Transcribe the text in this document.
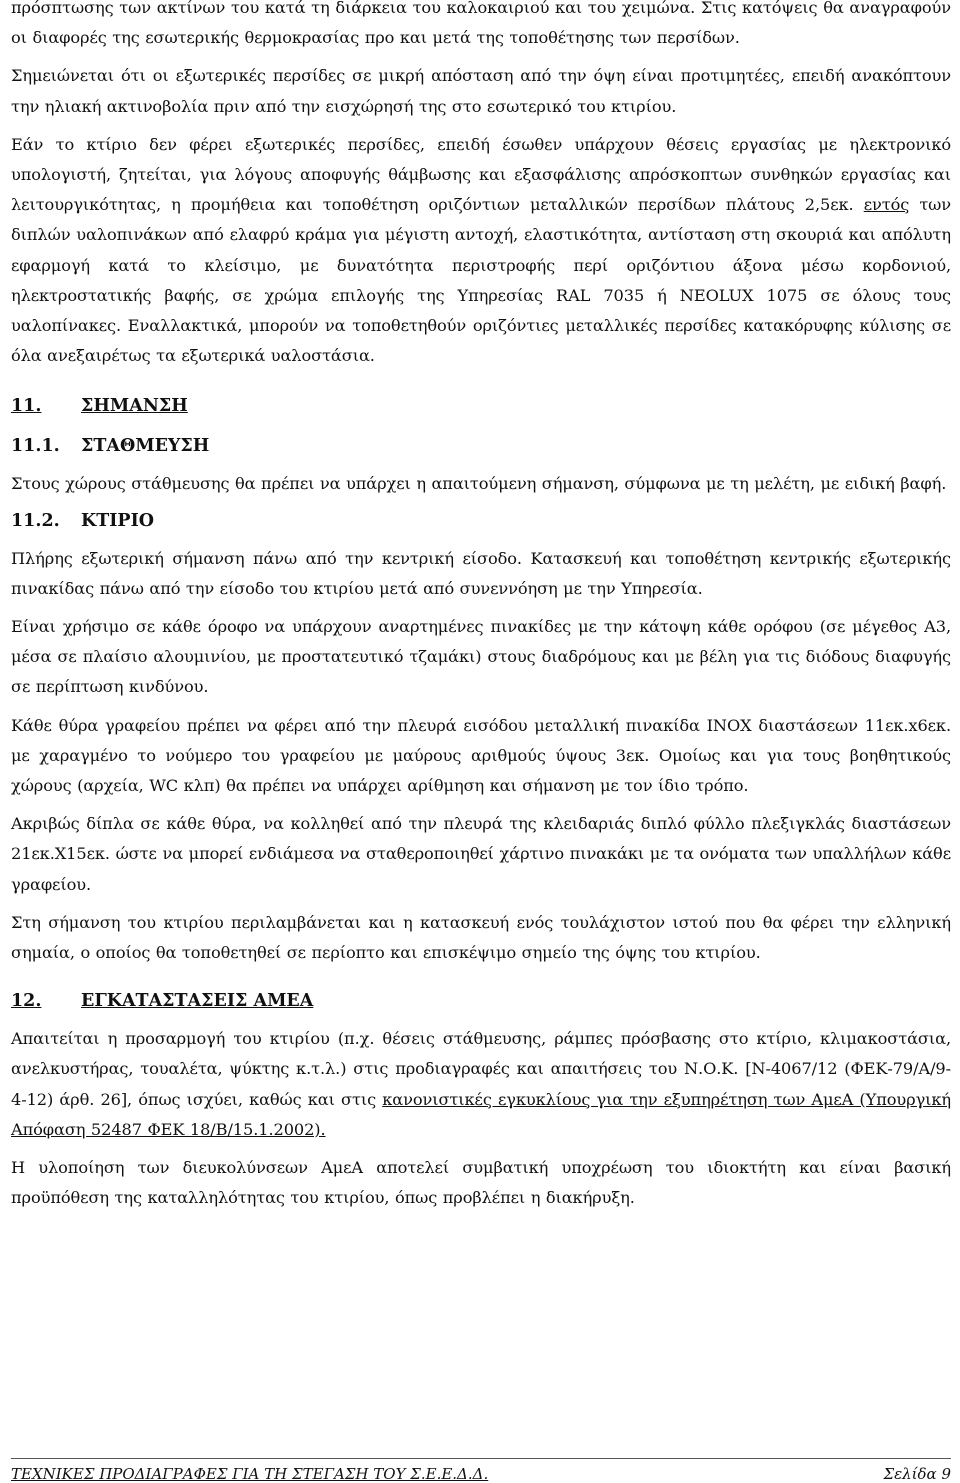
πρόσπτωσης των ακτίνων του κατά τη διάρκεια του καλοκαιριού και του χειμώνα. Στις κατόψεις θα αναγραφούν οι διαφορές της εσωτερικής θερμοκρασίας προ και μετά της τοποθέτησης των περσίδων.

Σημειώνεται ότι οι εξωτερικές περσίδες σε μικρή απόσταση από την όψη είναι προτιμητέες, επειδή ανακόπτουν την ηλιακή ακτινοβολία πριν από την εισχώρησή της στο εσωτερικό του κτιρίου.

Εάν το κτίριο δεν φέρει εξωτερικές περσίδες, επειδή έσωθεν υπάρχουν θέσεις εργασίας με ηλεκτρονικό υπολογιστή, ζητείται, για λόγους αποφυγής θάμβωσης και εξασφάλισης απρόσκοπτων συνθηκών εργασίας και λειτουργικότητας, η προμήθεια και τοποθέτηση οριζόντιων μεταλλικών περσίδων πλάτους 2,5εκ. εντός των διπλών υαλοπινάκων από ελαφρύ κράμα για μέγιστη αντοχή, ελαστικότητα, αντίσταση στη σκουριά και απόλυτη εφαρμογή κατά το κλείσιμο, με δυνατότητα περιστροφής περί οριζόντιου άξονα μέσω κορδονιού, ηλεκτροστατικής βαφής, σε χρώμα επιλογής της Υπηρεσίας RAL 7035 ή NEOLUX 1075 σε όλους τους υαλοπίνακες. Εναλλακτικά, μπορούν να τοποθετηθούν οριζόντιες μεταλλικές περσίδες κατακόρυφης κύλισης σε όλα ανεξαιρέτως τα εξωτερικά υαλοστάσια.

11. ΣΗΜΑΝΣΗ
11.1. ΣΤΑΘΜΕΥΣΗ

Στους χώρους στάθμευσης θα πρέπει να υπάρχει η απαιτούμενη σήμανση, σύμφωνα με τη μελέτη, με ειδική βαφή.

11.2. ΚΤΙΡΙΟ

Πλήρης εξωτερική σήμανση πάνω από την κεντρική είσοδο. Κατασκευή και τοποθέτηση κεντρικής εξωτερικής πινακίδας πάνω από την είσοδο του κτιρίου μετά από συνεννόηση με την Υπηρεσία.

Είναι χρήσιμο σε κάθε όροφο να υπάρχουν αναρτημένες πινακίδες με την κάτοψη κάθε ορόφου (σε μέγεθος Α3, μέσα σε πλαίσιο αλουμινίου, με προστατευτικό τζαμάκι) στους διαδρόμους και με βέλη για τις διόδους διαφυγής σε περίπτωση κινδύνου.

Κάθε θύρα γραφείου πρέπει να φέρει από την πλευρά εισόδου μεταλλική πινακίδα ΙΝΟΧ διαστάσεων 11εκ.x6εκ. με χαραγμένο το νούμερο του γραφείου με μαύρους αριθμούς ύψους 3εκ. Ομοίως και για τους βοηθητικούς χώρους (αρχεία, WC κλπ) θα πρέπει να υπάρχει αρίθμηση και σήμανση με τον ίδιο τρόπο.

Ακριβώς δίπλα σε κάθε θύρα, να κολληθεί από την πλευρά της κλειδαριάς διπλό φύλλο πλεξιγκλάς διαστάσεων 21εκ.Χ15εκ. ώστε να μπορεί ενδιάμεσα να σταθεροποιηθεί χάρτινο πινακάκι με τα ονόματα των υπαλλήλων κάθε γραφείου.

Στη σήμανση του κτιρίου περιλαμβάνεται και η κατασκευή ενός τουλάχιστον ιστού που θα φέρει την ελληνική σημαία, ο οποίος θα τοποθετηθεί σε περίοπτο και επισκέψιμο σημείο της όψης του κτιρίου.

12. ΕΓΚΑΤΑΣΤΑΣΕΙΣ ΑΜΕΑ

Απαιτείται η προσαρμογή του κτιρίου (π.χ. θέσεις στάθμευσης, ράμπες πρόσβασης στο κτίριο, κλιμακοστάσια, ανελκυστήρας, τουαλέτα, ψύκτης κ.τ.λ.) στις προδιαγραφές και απαιτήσεις του Ν.Ο.Κ. [Ν-4067/12 (ΦΕΚ-79/Α/9-4-12) άρθ. 26], όπως ισχύει, καθώς και στις κανονιστικές εγκυκλίους για την εξυπηρέτηση των ΑμεΑ (Υπουργική Απόφαση 52487 ΦΕΚ 18/Β/15.1.2002).

Η υλοποίηση των διευκολύνσεων ΑμεΑ αποτελεί συμβατική υποχρέωση του ιδιοκτήτη και είναι βασική προϋπόθεση της καταλληλότητας του κτιρίου, όπως προβλέπει η διακήρυξη.

ΤΕΧΝΙΚΕΣ ΠΡΟΔΙΑΓΡΑΦΕΣ ΓΙΑ ΤΗ ΣΤΕΓΑΣΗ ΤΟΥ Σ.Ε.Ε.Δ.Δ.	Σελίδα 9
